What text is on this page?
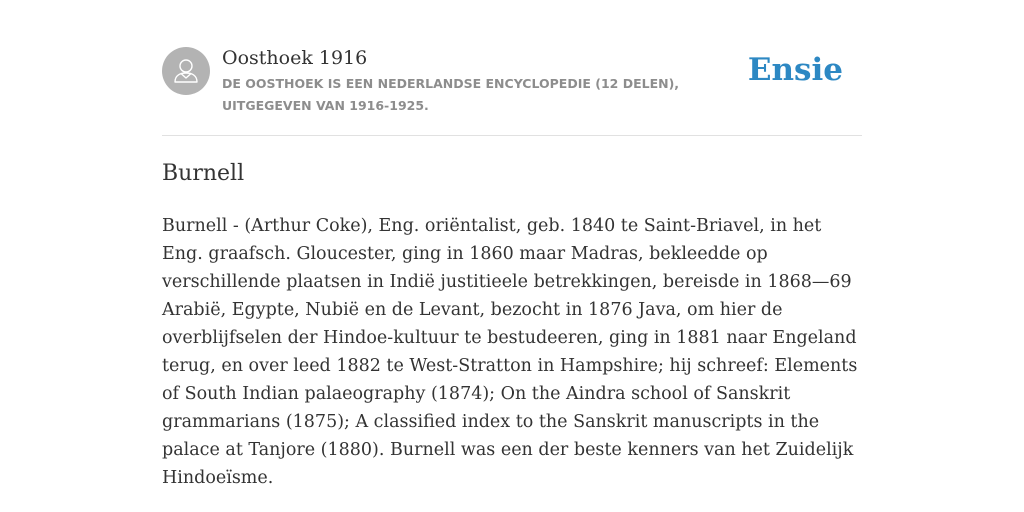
Oosthoek 1916
DE OOSTHOEK IS EEN NEDERLANDSE ENCYCLOPEDIE (12 DELEN), UITGEGEVEN VAN 1916-1925.
Ensie
Burnell

Burnell - (Arthur Coke), Eng. oriëntalist, geb. 1840 te Saint-Briavel, in het Eng. graafsch. Gloucester, ging in 1860 maar Madras, bekleedde op verschillende plaatsen in Indië justitieele betrekkingen, bereisde in 1868—69 Arabië, Egypte, Nubië en de Levant, bezocht in 1876 Java, om hier de overblijfselen der Hindoe-kultuur te bestudeeren, ging in 1881 naar Engeland terug, en over leed 1882 te West-Stratton in Hampshire; hij schreef: Elements of South Indian palaeography (1874); On the Aindra school of Sanskrit grammarians (1875); A classified index to the Sanskrit manuscripts in the palace at Tanjore (1880). Burnell was een der beste kenners van het Zuidelijk Hindoeïsme.
